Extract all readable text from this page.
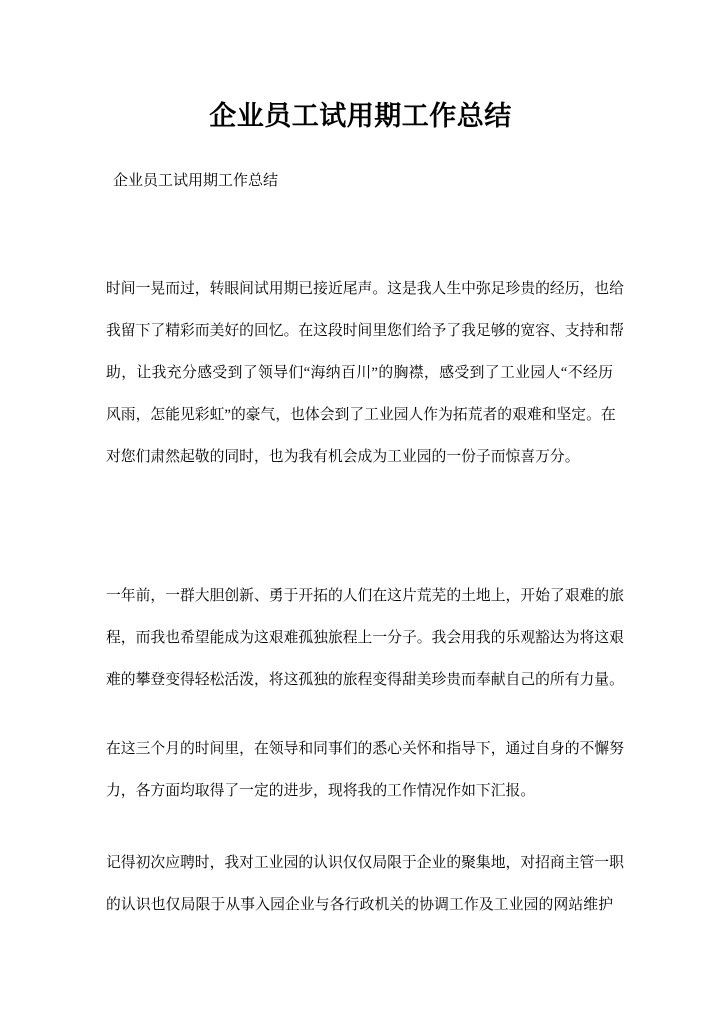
企业员工试用期工作总结
企业员工试用期工作总结
时间一晃而过，转眼间试用期已接近尾声。这是我人生中弥足珍贵的经历，也给
我留下了精彩而美好的回忆。在这段时间里您们给予了我足够的宽容、支持和帮
助，让我充分感受到了领导们“海纳百川”的胸襟，感受到了工业园人“不经历
风雨，怎能见彩虹”的豪气，也体会到了工业园人作为拓荒者的艰难和坚定。在
对您们肃然起敬的同时，也为我有机会成为工业园的一份子而惊喜万分。
一年前，一群大胆创新、勇于开拓的人们在这片荒芜的土地上，开始了艰难的旅
程，而我也希望能成为这艰难孤独旅程上一分子。我会用我的乐观豁达为将这艰
难的攀登变得轻松活泼，将这孤独的旅程变得甜美珍贵而奉献自己的所有力量。
在这三个月的时间里，在领导和同事们的悉心关怀和指导下，通过自身的不懈努
力，各方面均取得了一定的进步，现将我的工作情况作如下汇报。
记得初次应聘时，我对工业园的认识仅仅局限于企业的聚集地，对招商主管一职
的认识也仅局限于从事入园企业与各行政机关的协调工作及工业园的网站维护
